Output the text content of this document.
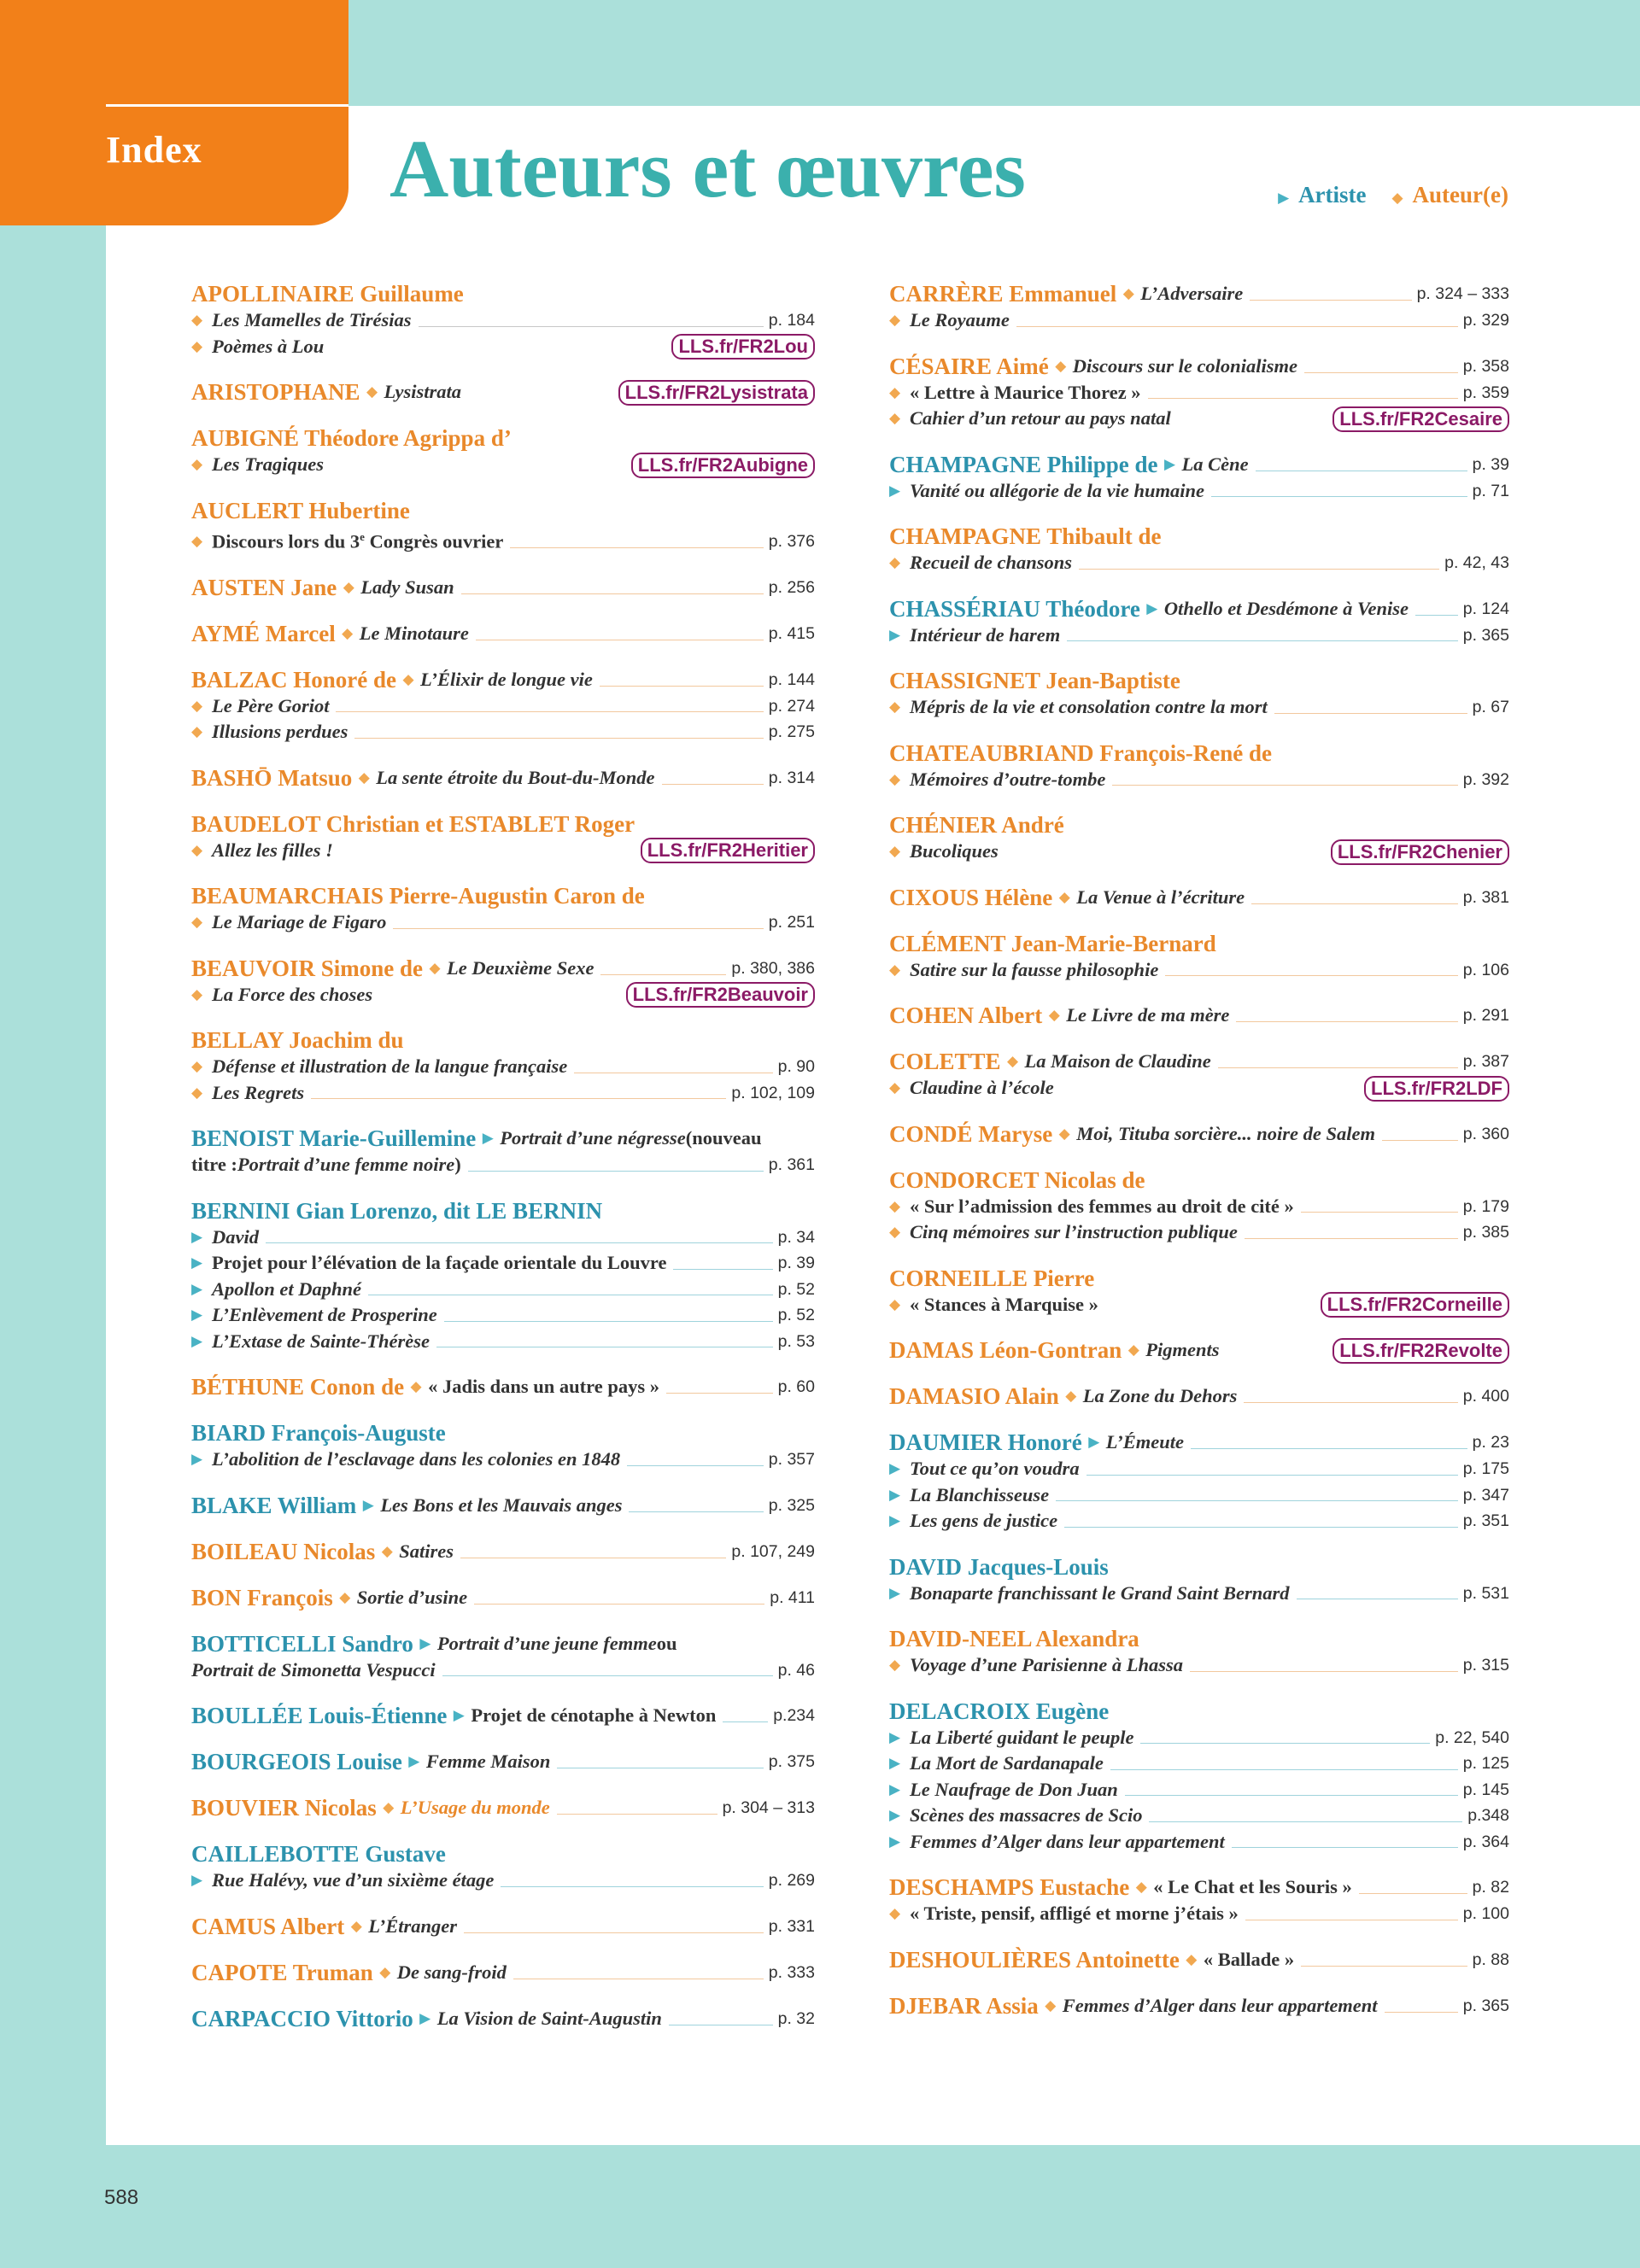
Index Auteurs et œuvres	▶ Artiste ◆ Auteur(e)
APOLLINAIRE Guillaume
◆ Les Mamelles de Tirésias	p. 184
◆ Poèmes à Lou	LLS.fr/FR2Lou
ARISTOPHANE ◆ Lysistrata	LLS.fr/FR2Lysistrata
AUBIGNÉ Théodore Agrippa d’
◆ Les Tragiques	LLS.fr/FR2Aubigne
AUCLERT Hubertine
◆ Discours lors du 3e Congrès ouvrier	p. 376
AUSTEN Jane ◆ Lady Susan	p. 256
AYMÉ Marcel ◆ Le Minotaure	p. 415
BALZAC Honoré de ◆ L’Élixir de longue vie	p. 144
◆ Le Père Goriot	p. 274
◆ Illusions perdues	p. 275
BASHŌ Matsuo ◆ La sente étroite du Bout-du-Monde	p. 314
BAUDELOT Christian et ESTABLET Roger
◆ Allez les filles !	LLS.fr/FR2Heritier
BEAUMARCHAIS Pierre-Augustin Caron de
◆ Le Mariage de Figaro	p. 251
BEAUVOIR Simone de ◆ Le Deuxième Sexe	p. 380, 386
◆ La Force des choses	LLS.fr/FR2Beauvoir
BELLAY Joachim du
◆ Défense et illustration de la langue française	p. 90
◆ Les Regrets	p. 102, 109
BENOIST Marie-Guillemine ▶ Portrait d’une négresse (nouveau
titre : Portrait d’une femme noire )	p. 361
BERNINI Gian Lorenzo, dit LE BERNIN
▶ David	p. 34
▶ Projet pour l’élévation de la façade orientale du Louvre	p. 39
▶ Apollon et Daphné	p. 52
▶ L’Enlèvement de Prosperine	p. 52
▶ L’Extase de Sainte-Thérèse	p. 53
BÉTHUNE Conon de ◆ « Jadis dans un autre pays »	p. 60
BIARD François-Auguste
▶ L’abolition de l’esclavage dans les colonies en 1848	p. 357
BLAKE William ▶ Les Bons et les Mauvais anges	p. 325
BOILEAU Nicolas ◆ Satires	p. 107, 249
BON François ◆ Sortie d’usine	p. 411
BOTTICELLI Sandro ▶ Portrait d’une jeune femme ou
Portrait de Simonetta Vespucci	p. 46
BOULLÉE Louis-Étienne ▶ Projet de cénotaphe à Newton	p.234
BOURGEOIS Louise ▶ Femme Maison	p. 375
BOUVIER Nicolas ◆ L’Usage du monde	p. 304 – 313
CAILLEBOTTE Gustave
▶ Rue Halévy, vue d’un sixième étage	p. 269
CAMUS Albert ◆ L’Étranger	p. 331
CAPOTE Truman ◆ De sang-froid	p. 333
CARPACCIO Vittorio ▶ La Vision de Saint-Augustin	p. 32
CARRÈRE Emmanuel ◆ L’Adversaire	p. 324 – 333
◆ Le Royaume	p. 329
CÉSAIRE Aimé ◆ Discours sur le colonialisme	p. 358
◆ « Lettre à Maurice Thorez »	p. 359
◆ Cahier d’un retour au pays natal	LLS.fr/FR2Cesaire
CHAMPAGNE Philippe de ▶ La Cène	p. 39
▶ Vanité ou allégorie de la vie humaine	p. 71
CHAMPAGNE Thibault de
◆ Recueil de chansons	p. 42, 43
CHASSÉRIAU Théodore ▶ Othello et Desdémone à Venise	p. 124
▶ Intérieur de harem	p. 365
CHASSIGNET Jean-Baptiste
◆ Mépris de la vie et consolation contre la mort	p. 67
CHATEAUBRIAND François-René de
◆ Mémoires d’outre-tombe	p. 392
CHÉNIER André
◆ Bucoliques	LLS.fr/FR2Chenier
CIXOUS Hélène ◆ La Venue à l’écriture	p. 381
CLÉMENT Jean-Marie-Bernard
◆ Satire sur la fausse philosophie	p. 106
COHEN Albert ◆ Le Livre de ma mère	p. 291
COLETTE ◆ La Maison de Claudine	p. 387
◆ Claudine à l’école	LLS.fr/FR2LDF
CONDÉ Maryse ◆ Moi, Tituba sorcière... noire de Salem	p. 360
CONDORCET Nicolas de
◆ « Sur l’admission des femmes au droit de cité »	p. 179
◆ Cinq mémoires sur l’instruction publique	p. 385
CORNEILLE Pierre
◆ « Stances à Marquise »	LLS.fr/FR2Corneille
DAMAS Léon-Gontran ◆ Pigments	LLS.fr/FR2Revolte
DAMASIO Alain ◆ La Zone du Dehors	p. 400
DAUMIER Honoré ▶ L’Émeute	p. 23
▶ Tout ce qu’on voudra	p. 175
▶ La Blanchisseuse	p. 347
▶ Les gens de justice	p. 351
DAVID Jacques-Louis
▶ Bonaparte franchissant le Grand Saint Bernard	p. 531
DAVID-NEEL Alexandra
◆ Voyage d’une Parisienne à Lhassa	p. 315
DELACROIX Eugène
▶ La Liberté guidant le peuple	p. 22, 540
▶ La Mort de Sardanapale	p. 125
▶ Le Naufrage de Don Juan	p. 145
▶ Scènes des massacres de Scio	p.348
▶ Femmes d’Alger dans leur appartement	p. 364
DESCHAMPS Eustache ◆ « Le Chat et les Souris »	p. 82
◆ « Triste, pensif, affligé et morne j’étais »	p. 100
DESHOULIÈRES Antoinette ◆ « Ballade »	p. 88
DJEBAR Assia ◆ Femmes d’Alger dans leur appartement	p. 365
588
